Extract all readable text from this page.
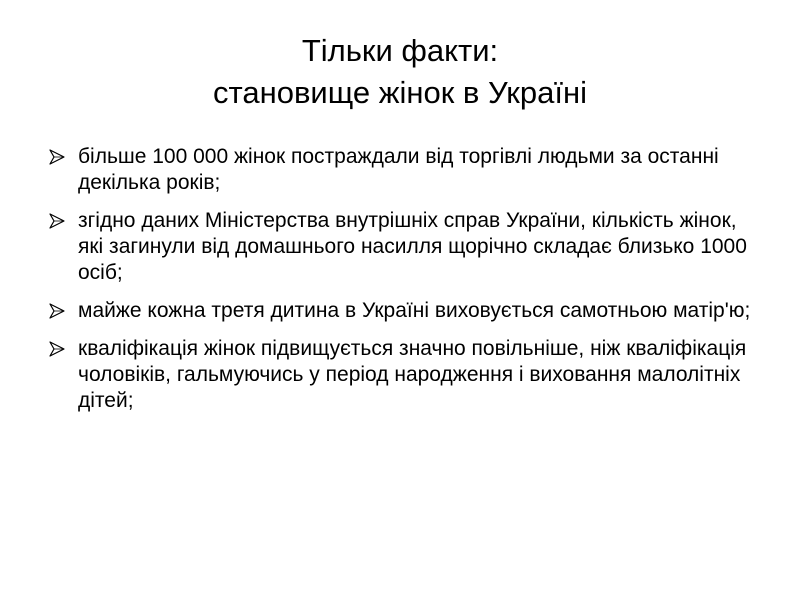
Тільки факти:
становище жінок в Україні
більше 100 000 жінок постраждали від торгівлі людьми за останні декілька років;
згідно даних Міністерства внутрішніх справ України, кількість жінок, які загинули від домашнього насилля щорічно складає близько 1000 осіб;
майже кожна третя дитина в Україні виховується самотньою матір'ю;
кваліфікація жінок підвищується значно повільніше, ніж кваліфікація чоловіків, гальмуючись у період народження і виховання малолітніх дітей;
